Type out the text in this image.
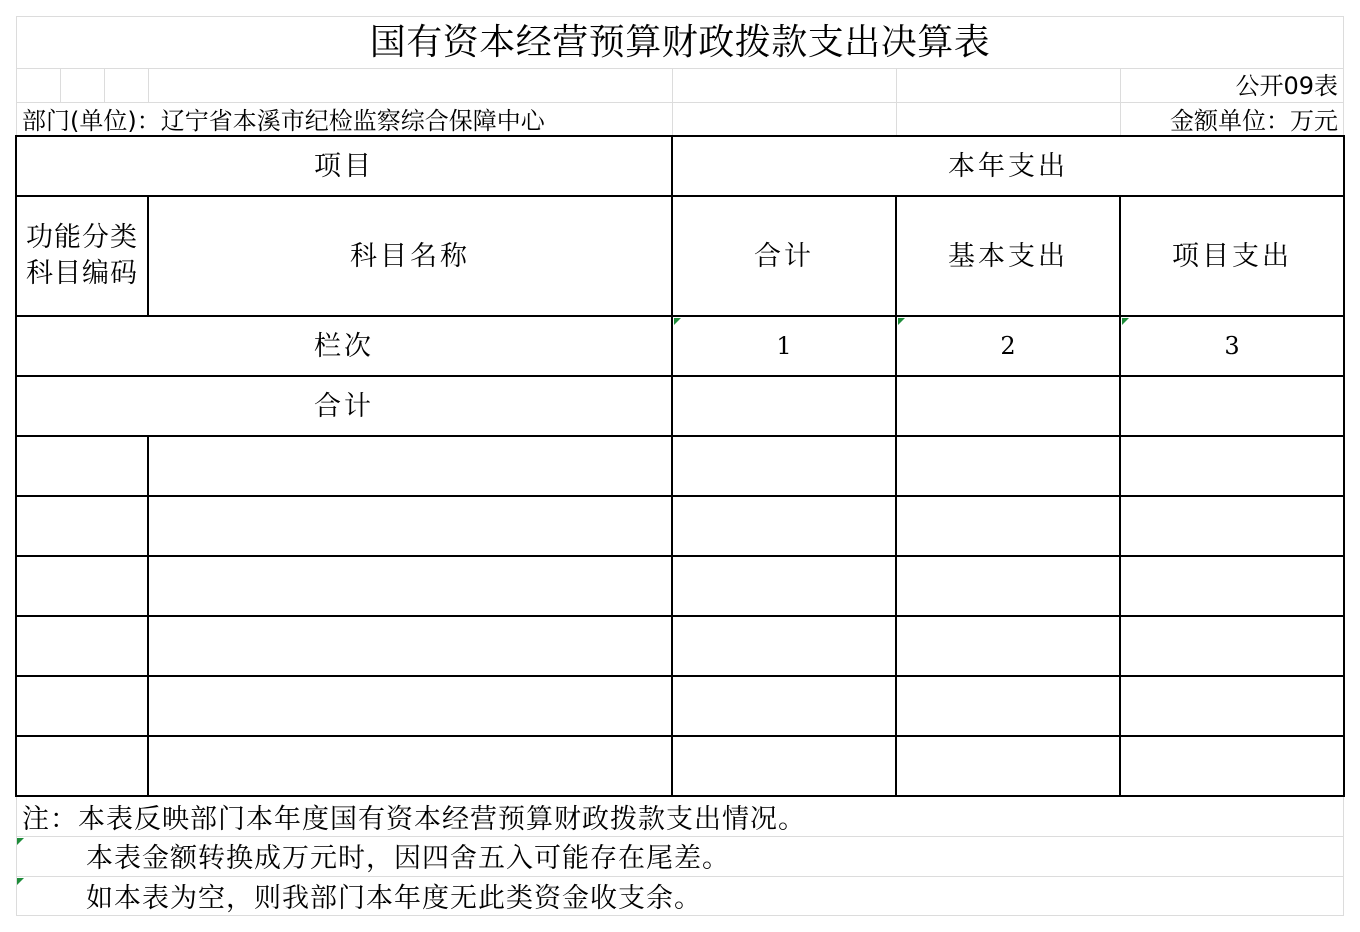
国有资本经营预算财政拨款支出决算表
公开09表
部门(单位)：辽宁省本溪市纪检监察综合保障中心	金额单位：万元
项目	本年支出
功能分类
科目编码
科目名称	合计	基本支出	项目支出
栏次	1	2	3
合计
注：本表反映部门本年度国有资本经营预算财政拨款支出情况。
本表金额转换成万元时，因四舍五入可能存在尾差。
如本表为空，则我部门本年度无此类资金收支余。
